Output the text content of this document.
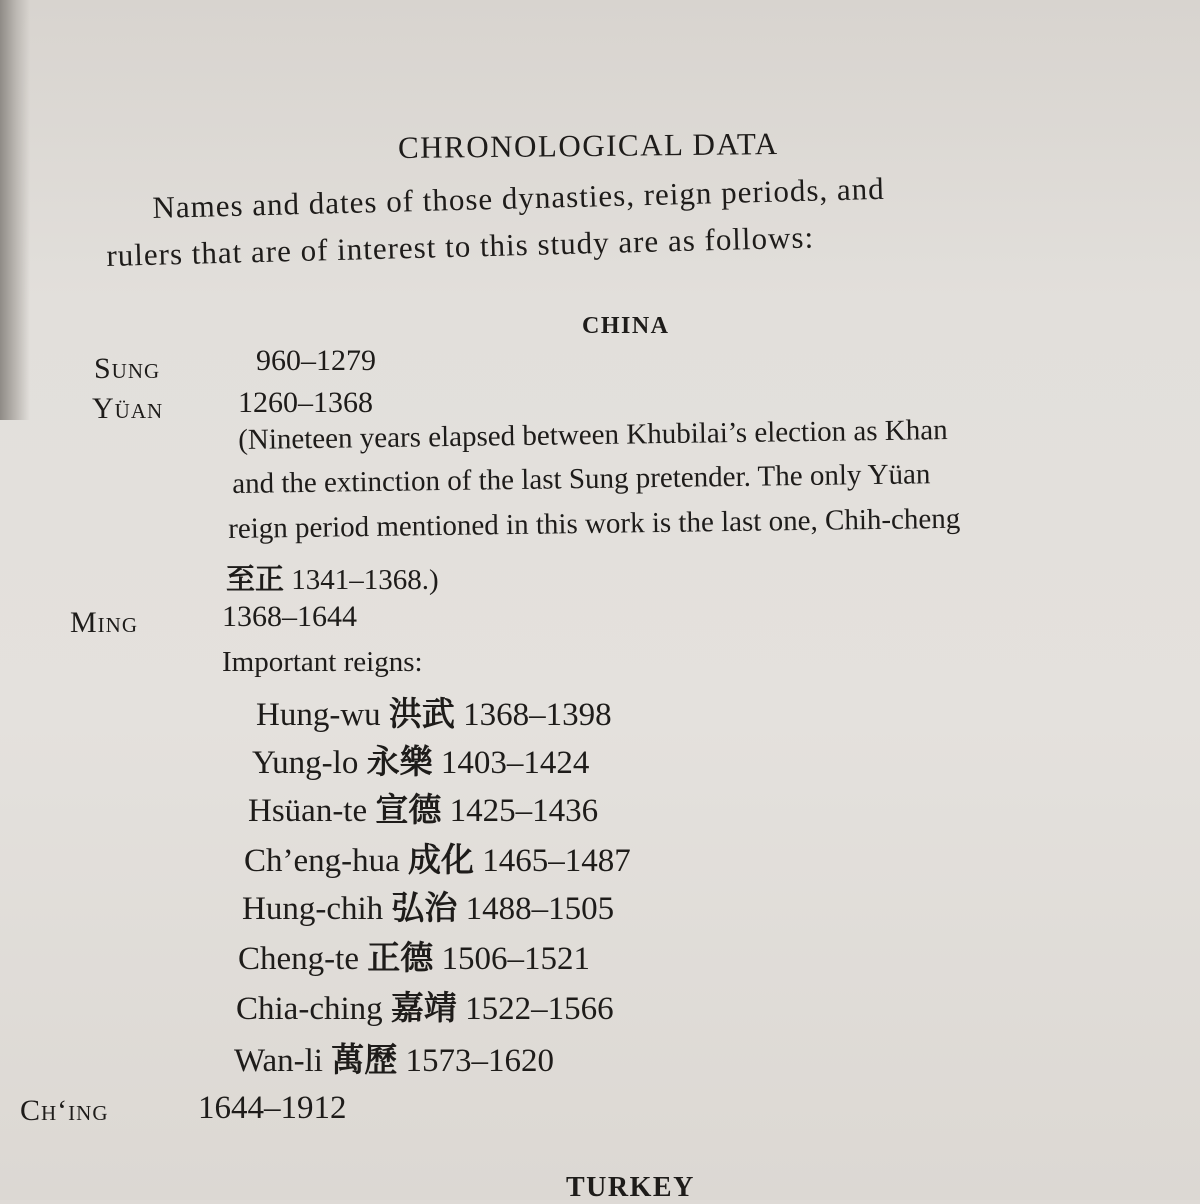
CHRONOLOGICAL DATA
Names and dates of those dynasties, reign periods, and
rulers that are of interest to this study are as follows:
CHINA
Sung	960–1279
Yüan 1260–1368
(Nineteen years elapsed between Khubilai’s election as Khan
and the extinction of the last Sung pretender. The only Yüan
reign period mentioned in this work is the last one, Chih-cheng
至正 1341–1368.)
Ming	1368–1644
Important reigns:
Hung-wu 洪武 1368–1398
Yung-lo 永樂 1403–1424
Hsüan-te 宣德 1425–1436
Ch’eng-hua 成化 1465–1487
Hung-chih 弘治 1488–1505
Cheng-te 正德 1506–1521
Chia-ching 嘉靖 1522–1566
Wan-li 萬歷 1573–1620
Ch‘ing	1644–1912
TURKEY
